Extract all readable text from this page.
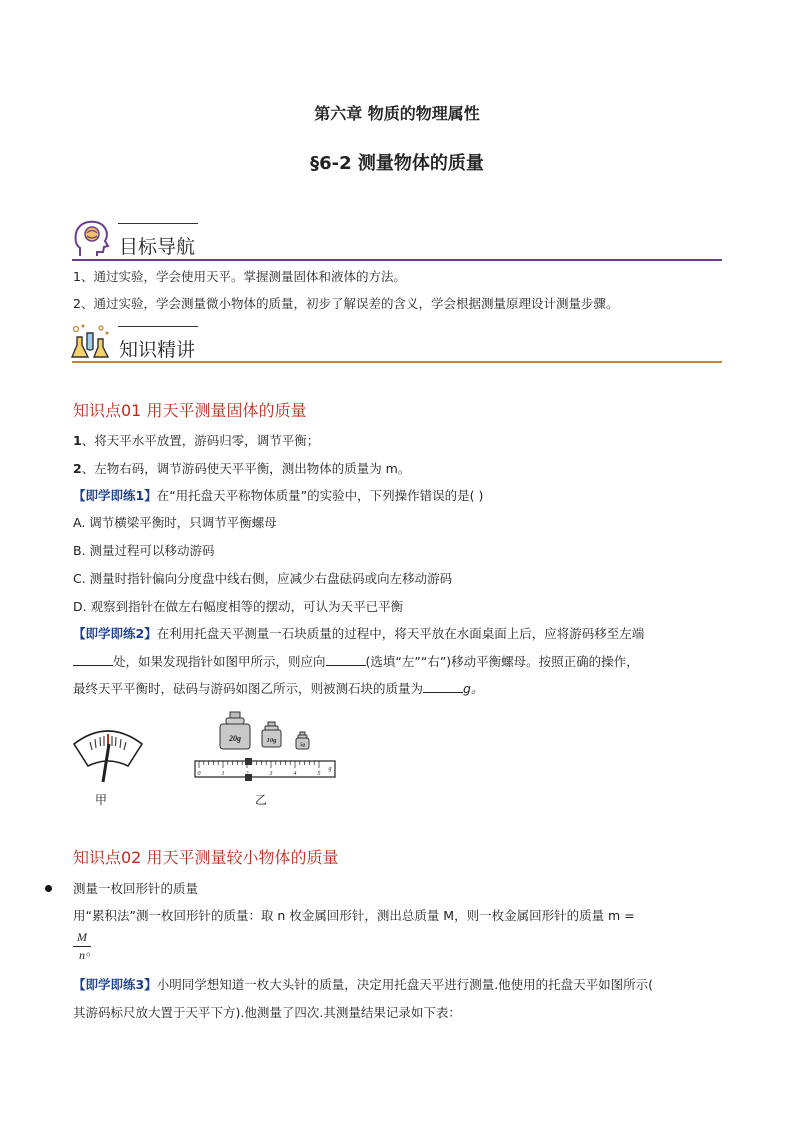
第六章 物质的物理属性
§6-2 测量物体的质量
目标导航
1、通过实验，学会使用天平。掌握测量固体和液体的方法。
2、通过实验，学会测量微小物体的质量，初步了解误差的含义，学会根据测量原理设计测量步骤。
知识精讲
知识点01 用天平测量固体的质量
1、将天平水平放置，游码归零，调节平衡；
2、左物右码，调节游码使天平平衡，测出物体的质量为 m。
【即学即练1】在“用托盘天平称物体质量”的实验中，下列操作错误的是( )
A. 调节横梁平衡时，只调节平衡螺母
B. 测量过程可以移动游码
C. 测量时指针偏向分度盘中线右侧，应减少右盘砝码或向左移动游码
D. 观察到指针在做左右幅度相等的摆动，可认为天平已平衡
【即学即练2】在利用托盘天平测量一石块质量的过程中，将天平放在水面桌面上后，应将游码移至左端
处，如果发现指针如图甲所示，则应向	(选填“左”“右”)移动平衡螺母。按照正确的操作，
最终天平平衡时，砝码与游码如图乙所示，则被测石块的质量为	g。
甲
20g	10g
5g
0	1	3	4	5
g
乙
知识点02 用天平测量较小物体的质量
测量一枚回形针的质量
用“累积法”测一枚回形针的质量：取 n 枚金属回形针，测出总质量 M，则一枚金属回形针的质量 m =
M
n 。
【即学即练3】小明同学想知道一枚大头针的质量，决定用托盘天平进行测量.他使用的托盘天平如图所示(
其游码标尺放大置于天平下方).他测量了四次.其测量结果记录如下表：
